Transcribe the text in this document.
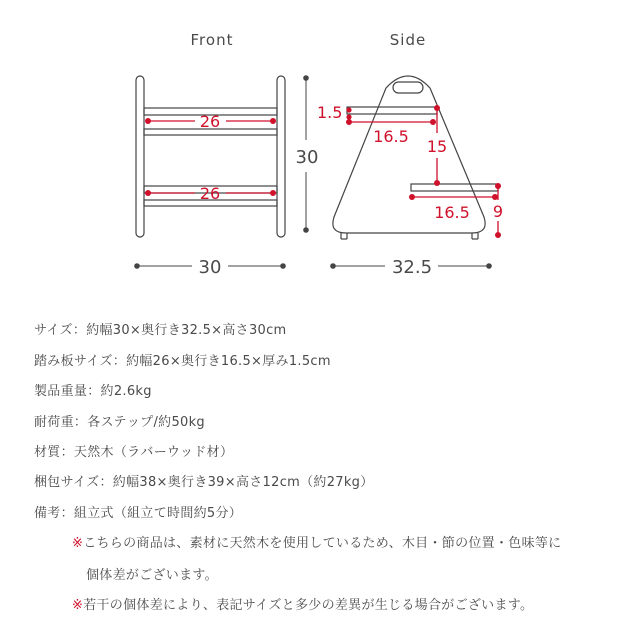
Front	Side
26
26
30
30
1.5
16.5
15
16.5 9
32.5
サイズ：約幅30×奥行き32.5×高さ30cm
踏み板サイズ：約幅26×奥行き16.5×厚み1.5cm
製品重量：約2.6kg
耐荷重：各ステップ/約50kg
材質：天然木（ラバーウッド材）
梱包サイズ：約幅38×奥行き39×高さ12cm（約27kg）
備考：組立式（組立て時間約5分）
※こちらの商品は、素材に天然木を使用しているため、木目・節の位置・色味等に
個体差がございます。
※若干の個体差により、表記サイズと多少の差異が生じる場合がございます。
